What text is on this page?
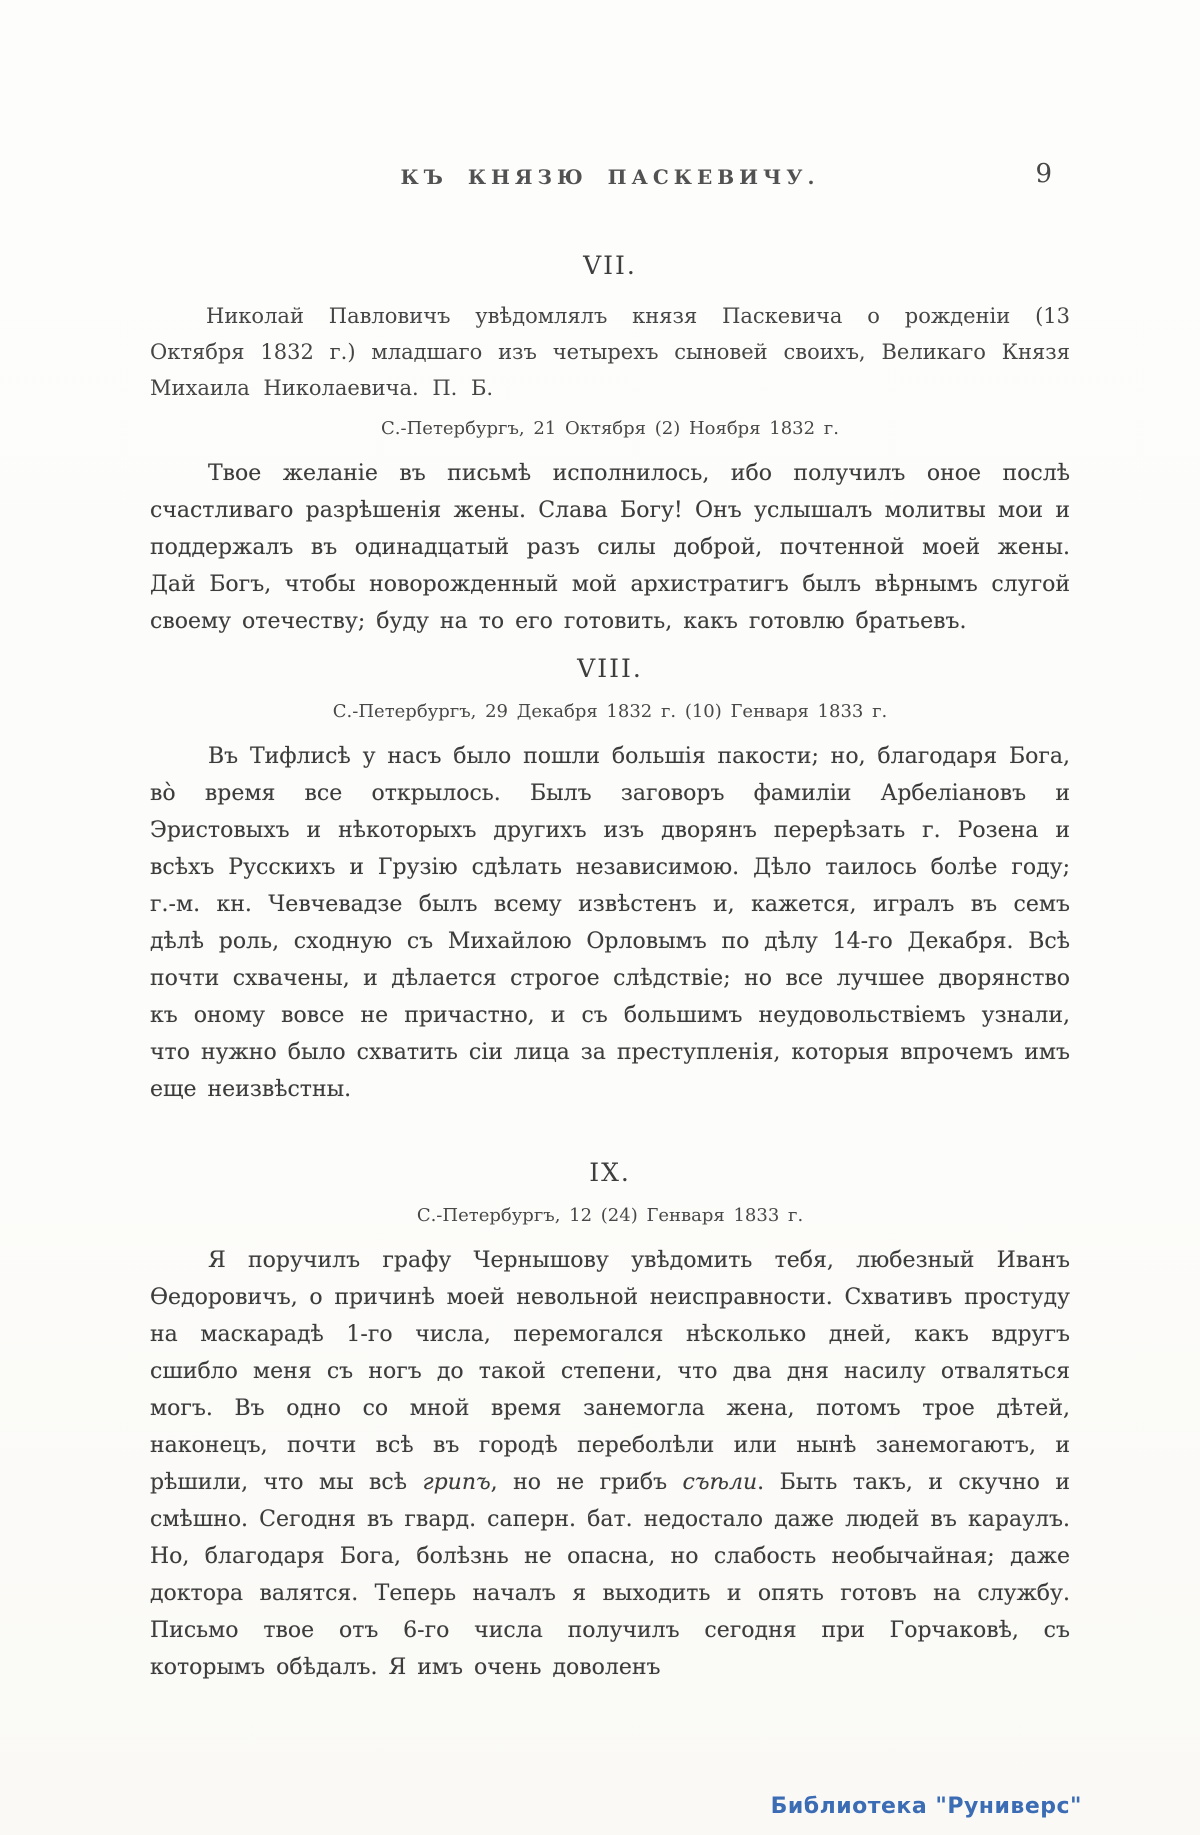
КЪ КНЯЗЮ ПАСКЕВИЧУ.	9
VII.

Николай Павловичъ увѣдомлялъ князя Паскевича о рожденіи (13 Октября 1832 г.) младшаго изъ четырехъ сыновей своихъ, Великаго Князя Михаила Николаевича. П. Б.

С.-Петербургъ, 21 Октября (2) Ноября 1832 г.

Твое желаніе въ письмѣ исполнилось, ибо получилъ оное послѣ счастливаго разрѣшенія жены. Слава Богу! Онъ услышалъ молитвы мои и поддержалъ въ одинадцатый разъ силы доброй, почтенной моей жены. Дай Богъ, чтобы новорожденный мой архистратигъ былъ вѣрнымъ слугой своему отечеству; буду на то его готовить, какъ готовлю братьевъ.

VIII.

С.-Петербургъ, 29 Декабря 1832 г. (10) Генваря 1833 г.

Въ Тифлисѣ у насъ было пошли большія пакости; но, благодаря Бога, во̀ время все открылось. Былъ заговоръ фамиліи Арбеліановъ и Эристовыхъ и нѣкоторыхъ другихъ изъ дворянъ перерѣзать г. Розена и всѣхъ Русскихъ и Грузію сдѣлать независимою. Дѣло таилось болѣе году; г.-м. кн. Чевчевадзе былъ всему извѣстенъ и, кажется, игралъ въ семъ дѣлѣ роль, сходную съ Михайлою Орловымъ по дѣлу 14-го Декабря. Всѣ почти схвачены, и дѣлается строгое слѣдствіе; но все лучшее дворянство къ оному вовсе не причастно, и съ большимъ неудовольствіемъ узнали, что нужно было схватить сіи лица за преступленія, которыя впрочемъ имъ еще неизвѣстны.

IX.

С.-Петербургъ, 12 (24) Генваря 1833 г.

Я поручилъ графу Чернышову увѣдомить тебя, любезный Иванъ Ѳедоровичъ, о причинѣ моей невольной неисправности. Схвативъ простуду на маскарадѣ 1-го числа, перемогался нѣсколько дней, какъ вдругъ сшибло меня съ ногъ до такой степени, что два дня насилу отваляться могъ. Въ одно со мной время занемогла жена, потомъ трое дѣтей, наконецъ, почти всѣ въ городѣ переболѣли или нынѣ занемогаютъ, и рѣшили, что мы всѣ грипъ, но не грибъ съѣли. Быть такъ, и скучно и смѣшно. Сегодня въ гвард. саперн. бат. недостало даже людей въ караулъ. Но, благодаря Бога, болѣзнь не опасна, но слабость необычайная; даже доктора валятся. Теперь началъ я выходить и опять готовъ на службу. Письмо твое отъ 6-го числа получилъ сегодня при Горчаковѣ, съ которымъ обѣдалъ. Я имъ очень доволенъ

Библиотека "Руниверс"
